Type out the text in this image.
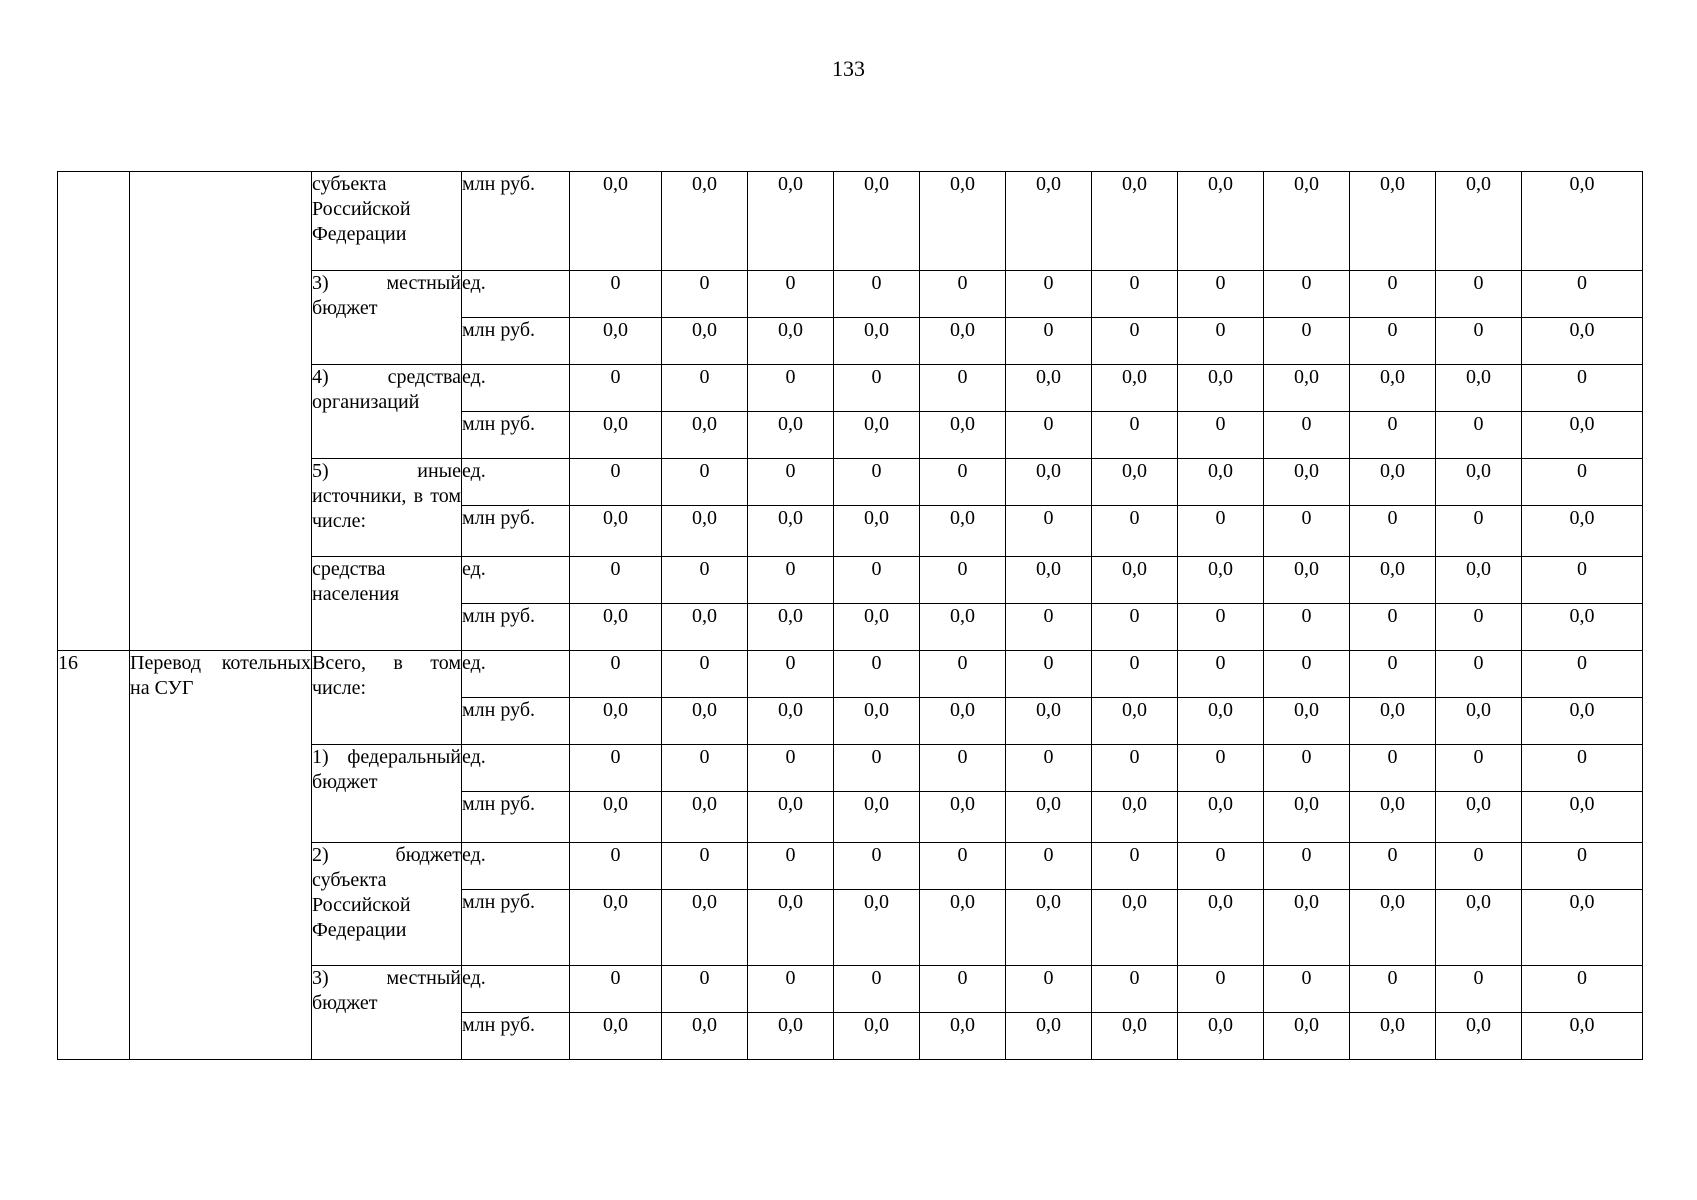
133
		субъекта Российской Федерации	млн руб.	0,0	0,0	0,0	0,0	0,0	0,0	0,0	0,0	0,0	0,0	0,0	0,0
		3) местный бюджет	ед.	0	0	0	0	0	0	0	0	0	0	0	0
			млн руб.	0,0	0,0	0,0	0,0	0,0	0	0	0	0	0	0	0,0
		4) средства организаций	ед.	0	0	0	0	0	0,0	0,0	0,0	0,0	0,0	0,0	0
			млн руб.	0,0	0,0	0,0	0,0	0,0	0	0	0	0	0	0	0,0
		5) иные источники, в том числе:	ед.	0	0	0	0	0	0,0	0,0	0,0	0,0	0,0	0,0	0
			млн руб.	0,0	0,0	0,0	0,0	0,0	0	0	0	0	0	0	0,0
		средства населения	ед.	0	0	0	0	0	0,0	0,0	0,0	0,0	0,0	0,0	0
			млн руб.	0,0	0,0	0,0	0,0	0,0	0	0	0	0	0	0	0,0
16	Перевод котельных на СУГ	Всего, в том числе:	ед.	0	0	0	0	0	0	0	0	0	0	0	0
			млн руб.	0,0	0,0	0,0	0,0	0,0	0,0	0,0	0,0	0,0	0,0	0,0	0,0
		1) федеральный бюджет	ед.	0	0	0	0	0	0	0	0	0	0	0	0
			млн руб.	0,0	0,0	0,0	0,0	0,0	0,0	0,0	0,0	0,0	0,0	0,0	0,0
		2) бюджет субъекта Российской Федерации	ед.	0	0	0	0	0	0	0	0	0	0	0	0
			млн руб.	0,0	0,0	0,0	0,0	0,0	0,0	0,0	0,0	0,0	0,0	0,0	0,0
		3) местный бюджет	ед.	0	0	0	0	0	0	0	0	0	0	0	0
			млн руб.	0,0	0,0	0,0	0,0	0,0	0,0	0,0	0,0	0,0	0,0	0,0	0,0
